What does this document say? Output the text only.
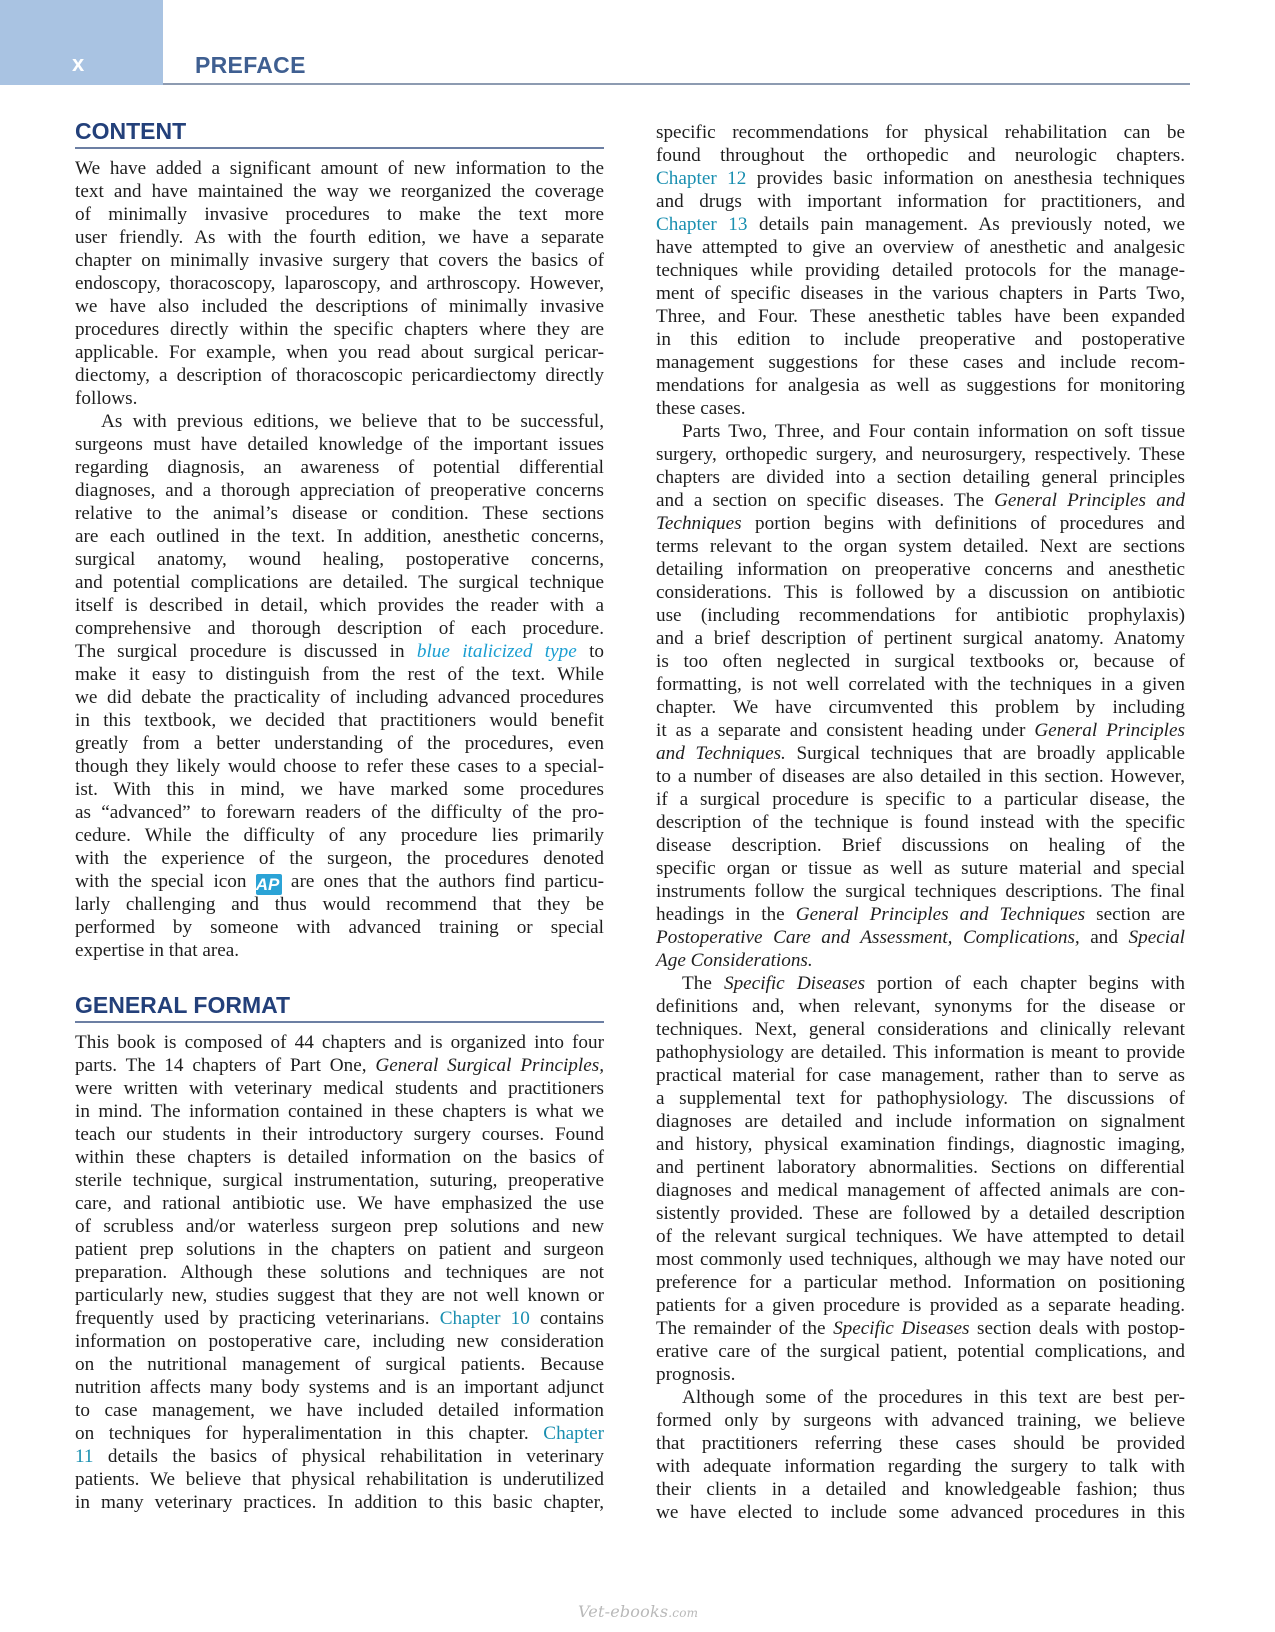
x	PREFACE
CONTENT
We have added a significant amount of new information to the
text and have maintained the way we reorganized the coverage
of minimally invasive procedures to make the text more
user friendly. As with the fourth edition, we have a separate
chapter on minimally invasive surgery that covers the basics of
endoscopy, thoracoscopy, laparoscopy, and arthroscopy. However,
we have also included the descriptions of minimally invasive
procedures directly within the specific chapters where they are
applicable. For example, when you read about surgical pericar-
diectomy, a description of thoracoscopic pericardiectomy directly
follows.
As with previous editions, we believe that to be successful,
surgeons must have detailed knowledge of the important issues
regarding diagnosis, an awareness of potential differential
diagnoses, and a thorough appreciation of preoperative concerns
relative to the animal’s disease or condition. These sections
are each outlined in the text. In addition, anesthetic concerns,
surgical anatomy, wound healing, postoperative concerns,
and potential complications are detailed. The surgical technique
itself is described in detail, which provides the reader with a
comprehensive and thorough description of each procedure.
The surgical procedure is discussed in blue italicized type to
make it easy to distinguish from the rest of the text. While
we did debate the practicality of including advanced procedures
in this textbook, we decided that practitioners would benefit
greatly from a better understanding of the procedures, even
though they likely would choose to refer these cases to a special-
ist. With this in mind, we have marked some procedures
as “advanced” to forewarn readers of the difficulty of the pro-
cedure. While the difficulty of any procedure lies primarily
with the experience of the surgeon, the procedures denoted
with the special icon AP are ones that the authors find particu-
larly challenging and thus would recommend that they be
performed by someone with advanced training or special
expertise in that area.
GENERAL FORMAT
This book is composed of 44 chapters and is organized into four
parts. The 14 chapters of Part One, General Surgical Principles,
were written with veterinary medical students and practitioners
in mind. The information contained in these chapters is what we
teach our students in their introductory surgery courses. Found
within these chapters is detailed information on the basics of
sterile technique, surgical instrumentation, suturing, preoperative
care, and rational antibiotic use. We have emphasized the use
of scrubless and/or waterless surgeon prep solutions and new
patient prep solutions in the chapters on patient and surgeon
preparation. Although these solutions and techniques are not
particularly new, studies suggest that they are not well known or
frequently used by practicing veterinarians. Chapter 10 contains
information on postoperative care, including new consideration
on the nutritional management of surgical patients. Because
nutrition affects many body systems and is an important adjunct
to case management, we have included detailed information
on techniques for hyperalimentation in this chapter. Chapter
11 details the basics of physical rehabilitation in veterinary
patients. We believe that physical rehabilitation is underutilized
in many veterinary practices. In addition to this basic chapter,
specific recommendations for physical rehabilitation can be
found throughout the orthopedic and neurologic chapters.
Chapter 12 provides basic information on anesthesia techniques
and drugs with important information for practitioners, and
Chapter 13 details pain management. As previously noted, we
have attempted to give an overview of anesthetic and analgesic
techniques while providing detailed protocols for the manage-
ment of specific diseases in the various chapters in Parts Two,
Three, and Four. These anesthetic tables have been expanded
in this edition to include preoperative and postoperative
management suggestions for these cases and include recom-
mendations for analgesia as well as suggestions for monitoring
these cases.
Parts Two, Three, and Four contain information on soft tissue
surgery, orthopedic surgery, and neurosurgery, respectively. These
chapters are divided into a section detailing general principles
and a section on specific diseases. The General Principles and
Techniques portion begins with definitions of procedures and
terms relevant to the organ system detailed. Next are sections
detailing information on preoperative concerns and anesthetic
considerations. This is followed by a discussion on antibiotic
use (including recommendations for antibiotic prophylaxis)
and a brief description of pertinent surgical anatomy. Anatomy
is too often neglected in surgical textbooks or, because of
formatting, is not well correlated with the techniques in a given
chapter. We have circumvented this problem by including
it as a separate and consistent heading under General Principles
and Techniques. Surgical techniques that are broadly applicable
to a number of diseases are also detailed in this section. However,
if a surgical procedure is specific to a particular disease, the
description of the technique is found instead with the specific
disease description. Brief discussions on healing of the
specific organ or tissue as well as suture material and special
instruments follow the surgical techniques descriptions. The final
headings in the General Principles and Techniques section are
Postoperative Care and Assessment, Complications, and Special
Age Considerations.
The Specific Diseases portion of each chapter begins with
definitions and, when relevant, synonyms for the disease or
techniques. Next, general considerations and clinically relevant
pathophysiology are detailed. This information is meant to provide
practical material for case management, rather than to serve as
a supplemental text for pathophysiology. The discussions of
diagnoses are detailed and include information on signalment
and history, physical examination findings, diagnostic imaging,
and pertinent laboratory abnormalities. Sections on differential
diagnoses and medical management of affected animals are con-
sistently provided. These are followed by a detailed description
of the relevant surgical techniques. We have attempted to detail
most commonly used techniques, although we may have noted our
preference for a particular method. Information on positioning
patients for a given procedure is provided as a separate heading.
The remainder of the Specific Diseases section deals with postop-
erative care of the surgical patient, potential complications, and
prognosis.
Although some of the procedures in this text are best per-
formed only by surgeons with advanced training, we believe
that practitioners referring these cases should be provided
with adequate information regarding the surgery to talk with
their clients in a detailed and knowledgeable fashion; thus
we have elected to include some advanced procedures in this
Vet-ebooks.com
